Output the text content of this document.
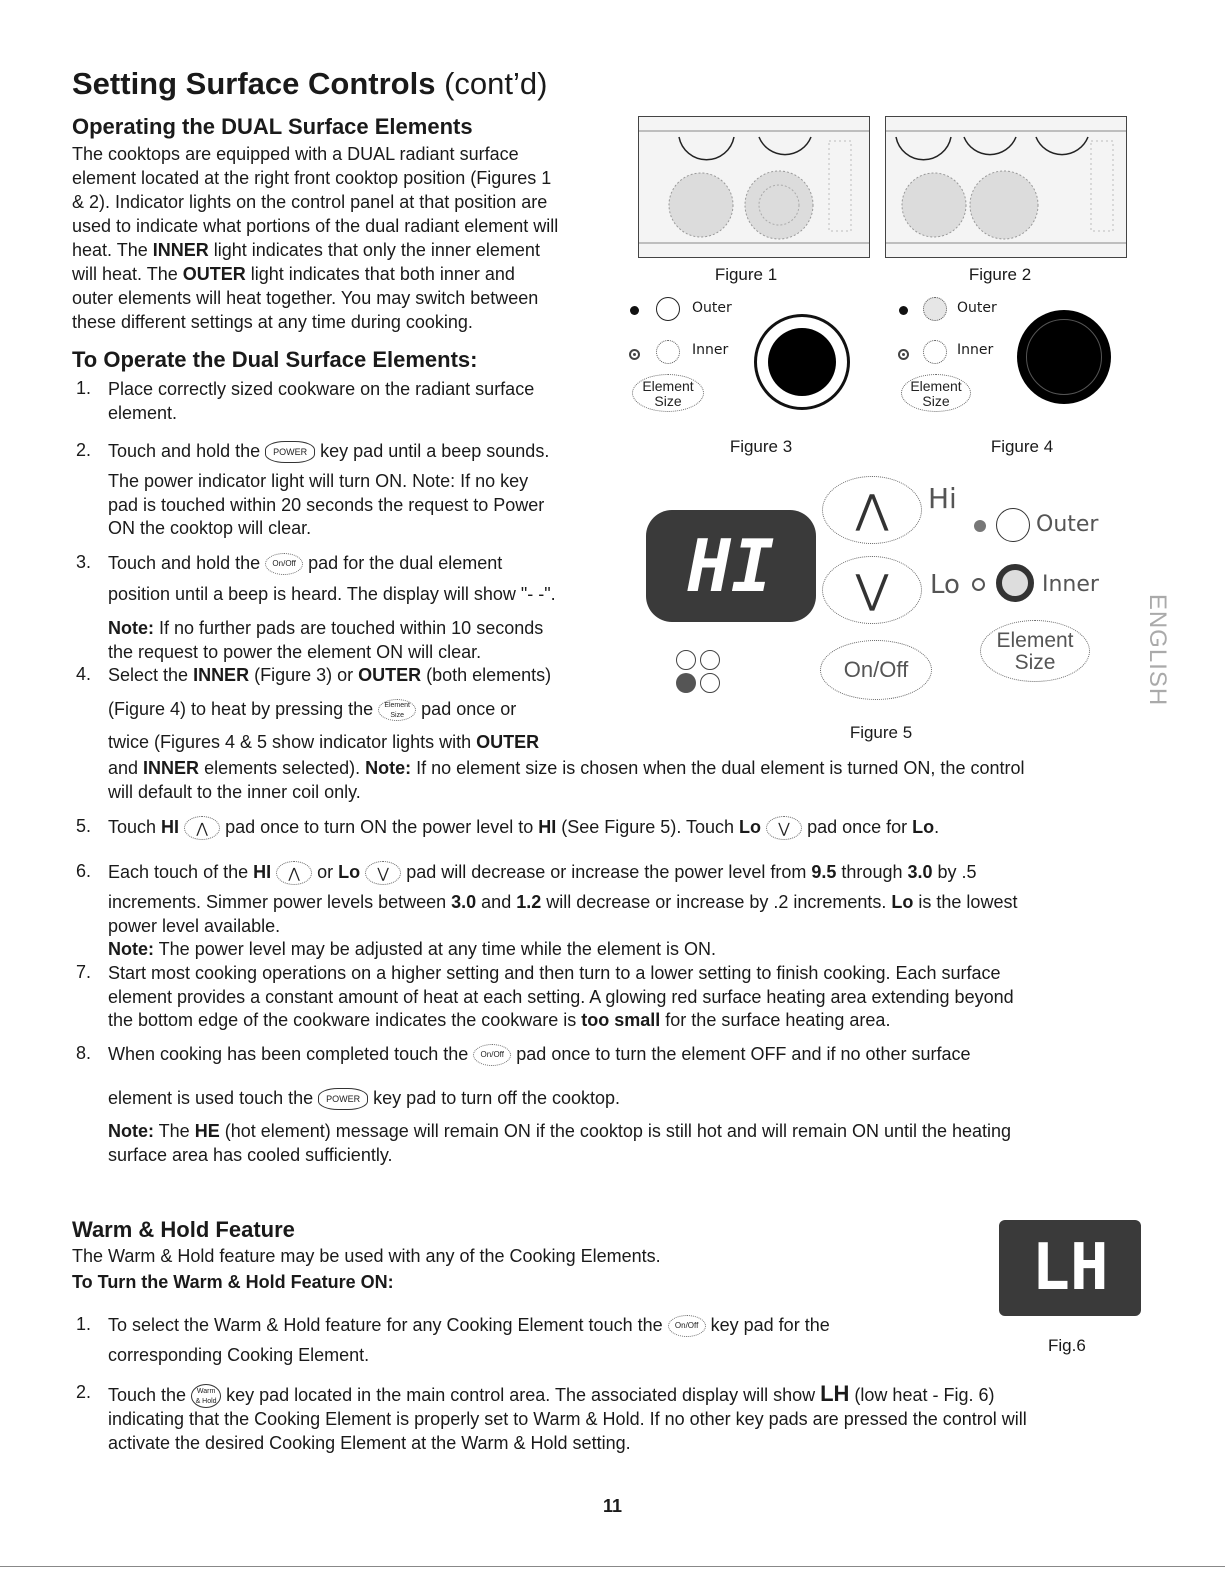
Setting Surface Controls (cont’d)
Operating the DUAL Surface Elements
The cooktops are equipped with a DUAL radiant surface
element located at the right front cooktop position (Figures 1
& 2). Indicator lights on the control panel at that position are
used to indicate what portions of the dual radiant element will
heat. The INNER light indicates that only the inner element
will heat. The OUTER light indicates that both inner and
outer elements will heat together. You may switch between
these different settings at any time during cooking.
To Operate the Dual Surface Elements:
1. Place correctly sized cookware on the radiant surface
element.
2. Touch and hold the POWER key pad until a beep sounds.
The power indicator light will turn ON. Note: If no key
pad is touched within 20 seconds the request to Power
ON the cooktop will clear.
3. Touch and hold the On/Off pad for the dual element
position until a beep is heard. The display will show "- -".
Note: If no further pads are touched within 10 seconds
the request to power the element ON will clear.
4. Select the INNER (Figure 3) or OUTER (both elements)
(Figure 4) to heat by pressing the Element
Size pad once or
twice (Figures 4 & 5 show indicator lights with OUTER
and INNER elements selected). Note: If no element size is chosen when the dual element is turned ON, the control
will default to the inner coil only.
5. Touch HI ⋀ pad once to turn ON the power level to HI (See Figure 5). Touch Lo ⋁ pad once for Lo.
6. Each touch of the HI ⋀ or Lo ⋁ pad will decrease or increase the power level from 9.5 through 3.0 by .5
increments. Simmer power levels between 3.0 and 1.2 will decrease or increase by .2 increments. Lo is the lowest
power level available.
Note: The power level may be adjusted at any time while the element is ON.
7. Start most cooking operations on a higher setting and then turn to a lower setting to finish cooking. Each surface
element provides a constant amount of heat at each setting. A glowing red surface heating area extending beyond
the bottom edge of the cookware indicates the cookware is too small for the surface heating area.
8. When cooking has been completed touch the On/Off pad once to turn the element OFF and if no other surface
element is used touch the POWER key pad to turn off the cooktop.
Note: The HE (hot element) message will remain ON if the cooktop is still hot and will remain ON until the heating
surface area has cooled sufficiently.
Warm & Hold Feature
The Warm & Hold feature may be used with any of the Cooking Elements.
To Turn the Warm & Hold Feature ON:
1. To select the Warm & Hold feature for any Cooking Element touch the On/Off key pad for the
corresponding Cooking Element.
2. Touch the Warm
& Hold key pad located in the main control area. The associated display will show LH (low heat - Fig. 6)
indicating that the Cooking Element is properly set to Warm & Hold. If no other key pads are pressed the control will
activate the desired Cooking Element at the Warm & Hold setting.
Figure 1	Figure 2
Outer
Inner
Element
Size
Figure 3
Outer
Inner
Element
Size
Figure 4
HI
⋀	Hi
⋁	Lo
On/Off
Outer
Inner
Element
Size
Figure 5
ENGLISH
LH
Fig.6
11
